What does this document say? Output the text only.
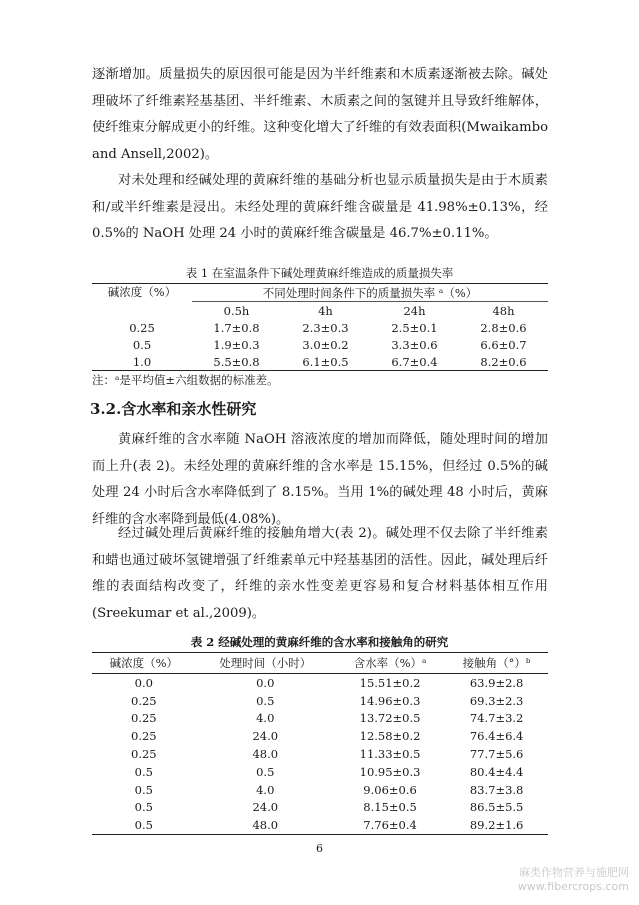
逐渐增加。质量损失的原因很可能是因为半纤维素和木质素逐渐被去除。碱处理破坏了纤维素羟基基团、半纤维素、木质素之间的氢键并且导致纤维解体，使纤维束分解成更小的纤维。这种变化增大了纤维的有效表面积(Mwaikambo and Ansell,2002)。

对未处理和经碱处理的黄麻纤维的基础分析也显示质量损失是由于木质素和/或半纤维素是浸出。未经处理的黄麻纤维含碳量是 41.98%±0.13%，经 0.5%的 NaOH 处理 24 小时的黄麻纤维含碳量是 46.7%±0.11%。

表 1 在室温条件下碱处理黄麻纤维造成的质量损失率

碱浓度（%）	不同处理时间条件下的质量损失率 ᵃ（%）			
	0.5h	4h	24h	48h
0.25	1.7±0.8	2.3±0.3	2.5±0.1	2.8±0.6
0.5	1.9±0.3	3.0±0.2	3.3±0.6	6.6±0.7
1.0	5.5±0.8	6.1±0.5	6.7±0.4	8.2±0.6

注：ᵃ是平均值±六组数据的标准差。

3.2.含水率和亲水性研究

黄麻纤维的含水率随 NaOH 溶液浓度的增加而降低，随处理时间的增加而上升(表 2)。未经处理的黄麻纤维的含水率是 15.15%，但经过 0.5%的碱处理 24 小时后含水率降低到了 8.15%。当用 1%的碱处理 48 小时后，黄麻纤维的含水率降到最低(4.08%)。

经过碱处理后黄麻纤维的接触角增大(表 2)。碱处理不仅去除了半纤维素和蜡也通过破坏氢键增强了纤维素单元中羟基基团的活性。因此，碱处理后纤维的表面结构改变了，纤维的亲水性变差更容易和复合材料基体相互作用(Sreekumar et al.,2009)。

表 2 经碱处理的黄麻纤维的含水率和接触角的研究

碱浓度（%）	处理时间（小时）	含水率（%）ᵃ	接触角（°）ᵇ
0.0	0.0	15.51±0.2	63.9±2.8
0.25	0.5	14.96±0.3	69.3±2.3
0.25	4.0	13.72±0.5	74.7±3.2
0.25	24.0	12.58±0.2	76.4±6.4
0.25	48.0	11.33±0.5	77.7±5.6
0.5	0.5	10.95±0.3	80.4±4.4
0.5	4.0	9.06±0.6	83.7±3.8
0.5	24.0	8.15±0.5	86.5±5.5
0.5	48.0	7.76±0.4	89.2±1.6

6

麻类作物营养与施肥网

www.fibercrops.com
